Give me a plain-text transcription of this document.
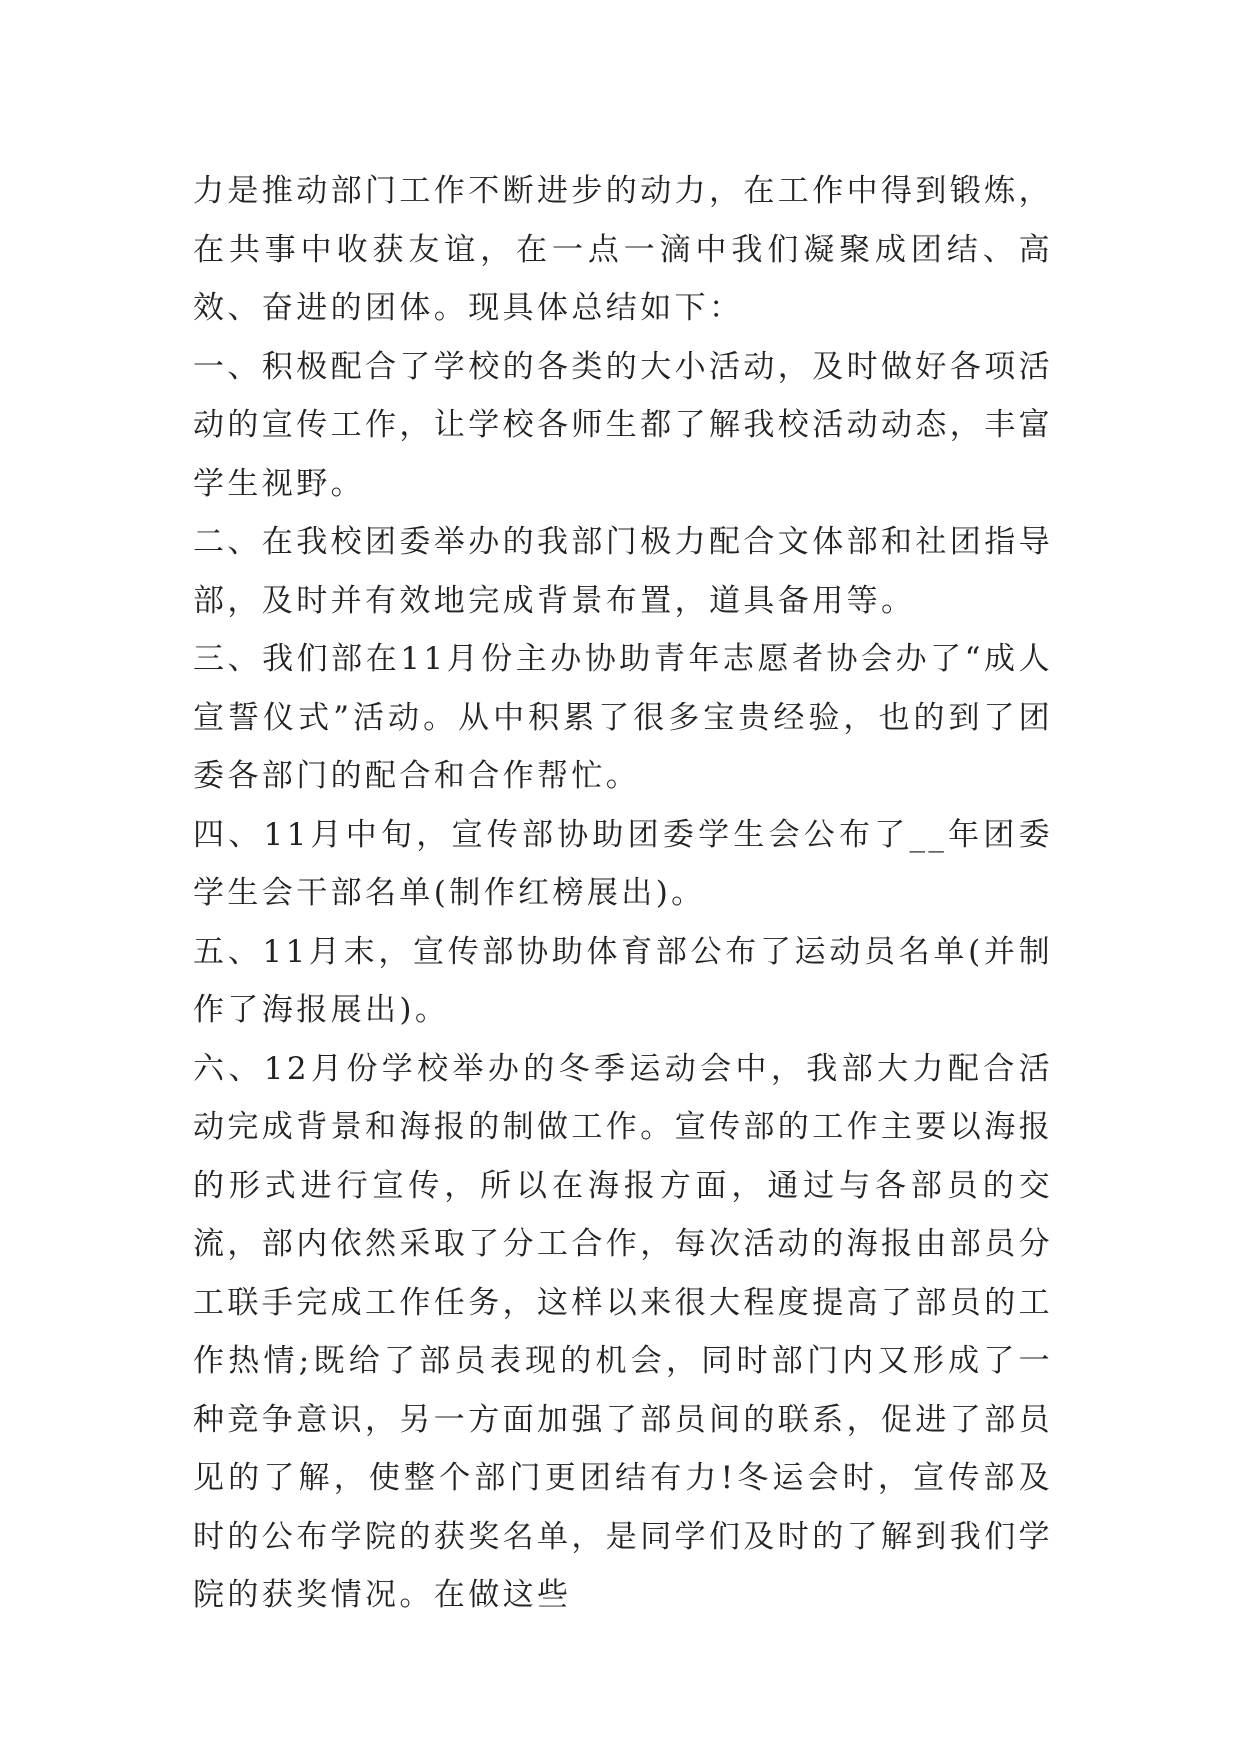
力是推动部门工作不断进步的动力，在工作中得到锻炼，在共事中收获友谊，在一点一滴中我们凝聚成团结、高效、奋进的团体。现具体总结如下：

一、积极配合了学校的各类的大小活动，及时做好各项活动的宣传工作，让学校各师生都了解我校活动动态，丰富学生视野。

二、在我校团委举办的我部门极力配合文体部和社团指导部，及时并有效地完成背景布置，道具备用等。

三、我们部在11月份主办协助青年志愿者协会办了“成人宣誓仪式”活动。从中积累了很多宝贵经验，也的到了团委各部门的配合和合作帮忙。

四、11月中旬，宣传部协助团委学生会公布了__年团委学生会干部名单(制作红榜展出)。

五、11月末，宣传部协助体育部公布了运动员名单(并制作了海报展出)。

六、12月份学校举办的冬季运动会中，我部大力配合活动完成背景和海报的制做工作。宣传部的工作主要以海报的形式进行宣传，所以在海报方面，通过与各部员的交流，部内依然采取了分工合作，每次活动的海报由部员分工联手完成工作任务，这样以来很大程度提高了部员的工作热情;既给了部员表现的机会，同时部门内又形成了一种竞争意识，另一方面加强了部员间的联系，促进了部员见的了解，使整个部门更团结有力!冬运会时，宣传部及时的公布学院的获奖名单，是同学们及时的了解到我们学院的获奖情况。在做这些
